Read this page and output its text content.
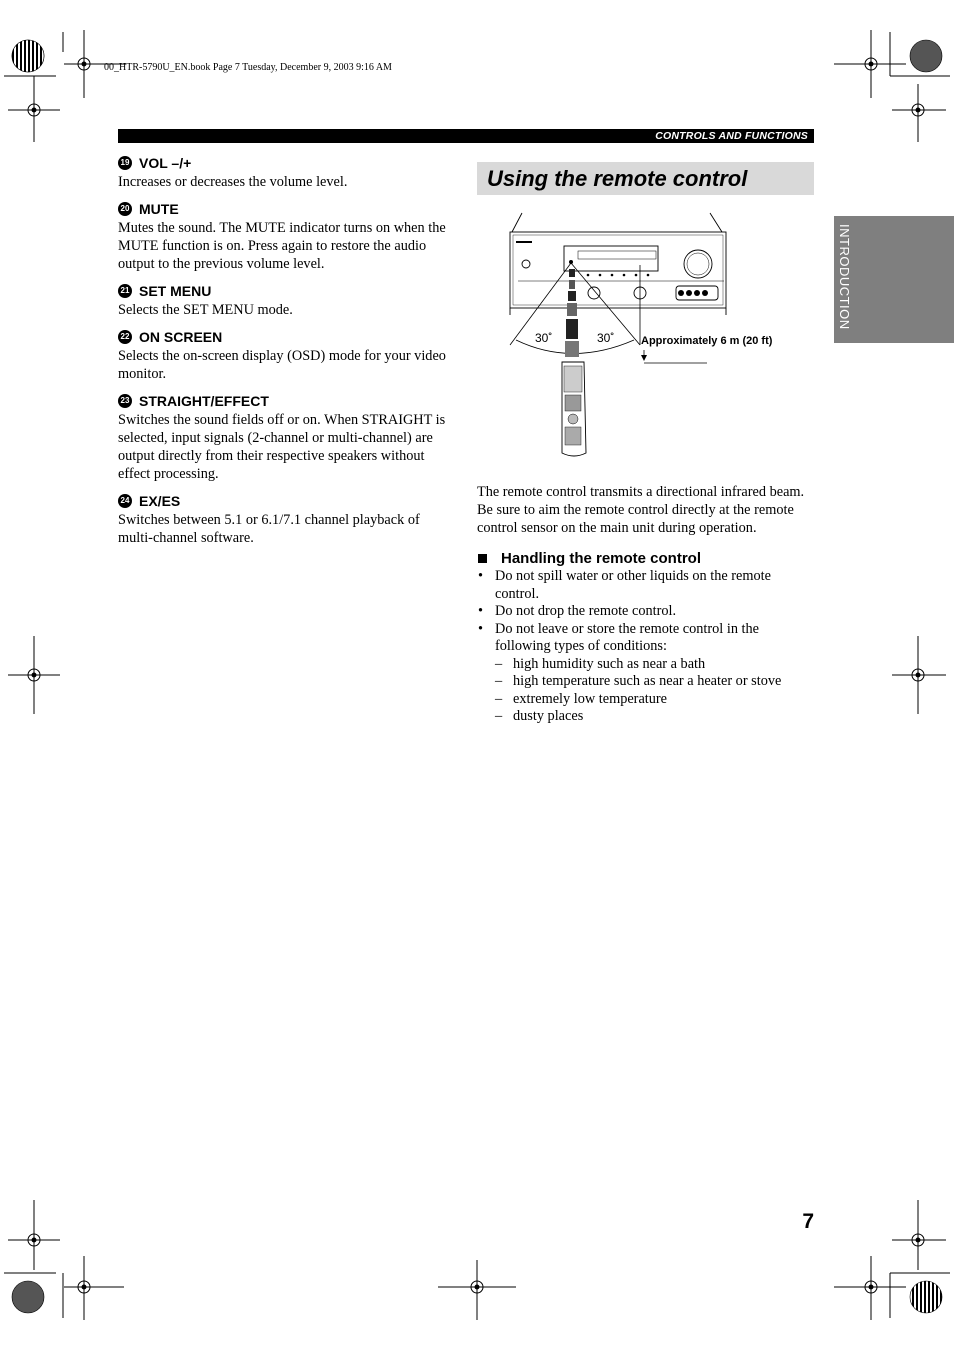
00_HTR-5790U_EN.book Page 7 Tuesday, December 9, 2003 9:16 AM
CONTROLS AND FUNCTIONS
INTRODUCTION
19 VOL –/+
Increases or decreases the volume level.
20 MUTE
Mutes the sound. The MUTE indicator turns on when the MUTE function is on. Press again to restore the audio output to the previous volume level.
21 SET MENU
Selects the SET MENU mode.
22 ON SCREEN
Selects the on-screen display (OSD) mode for your video monitor.
23 STRAIGHT/EFFECT
Switches the sound fields off or on. When STRAIGHT is selected, input signals (2-channel or multi-channel) are output directly from their respective speakers without effect processing.
24 EX/ES
Switches between 5.1 or 6.1/7.1 channel playback of multi-channel software.
Using the remote control
30˚	30˚ Approximately 6 m (20 ft)
The remote control transmits a directional infrared beam. Be sure to aim the remote control directly at the remote control sensor on the main unit during operation.
Handling the remote control
• Do not spill water or other liquids on the remote control.
• Do not drop the remote control.
• Do not leave or store the remote control in the following types of conditions:
– high humidity such as near a bath
– high temperature such as near a heater or stove
– extremely low temperature
– dusty places
7
